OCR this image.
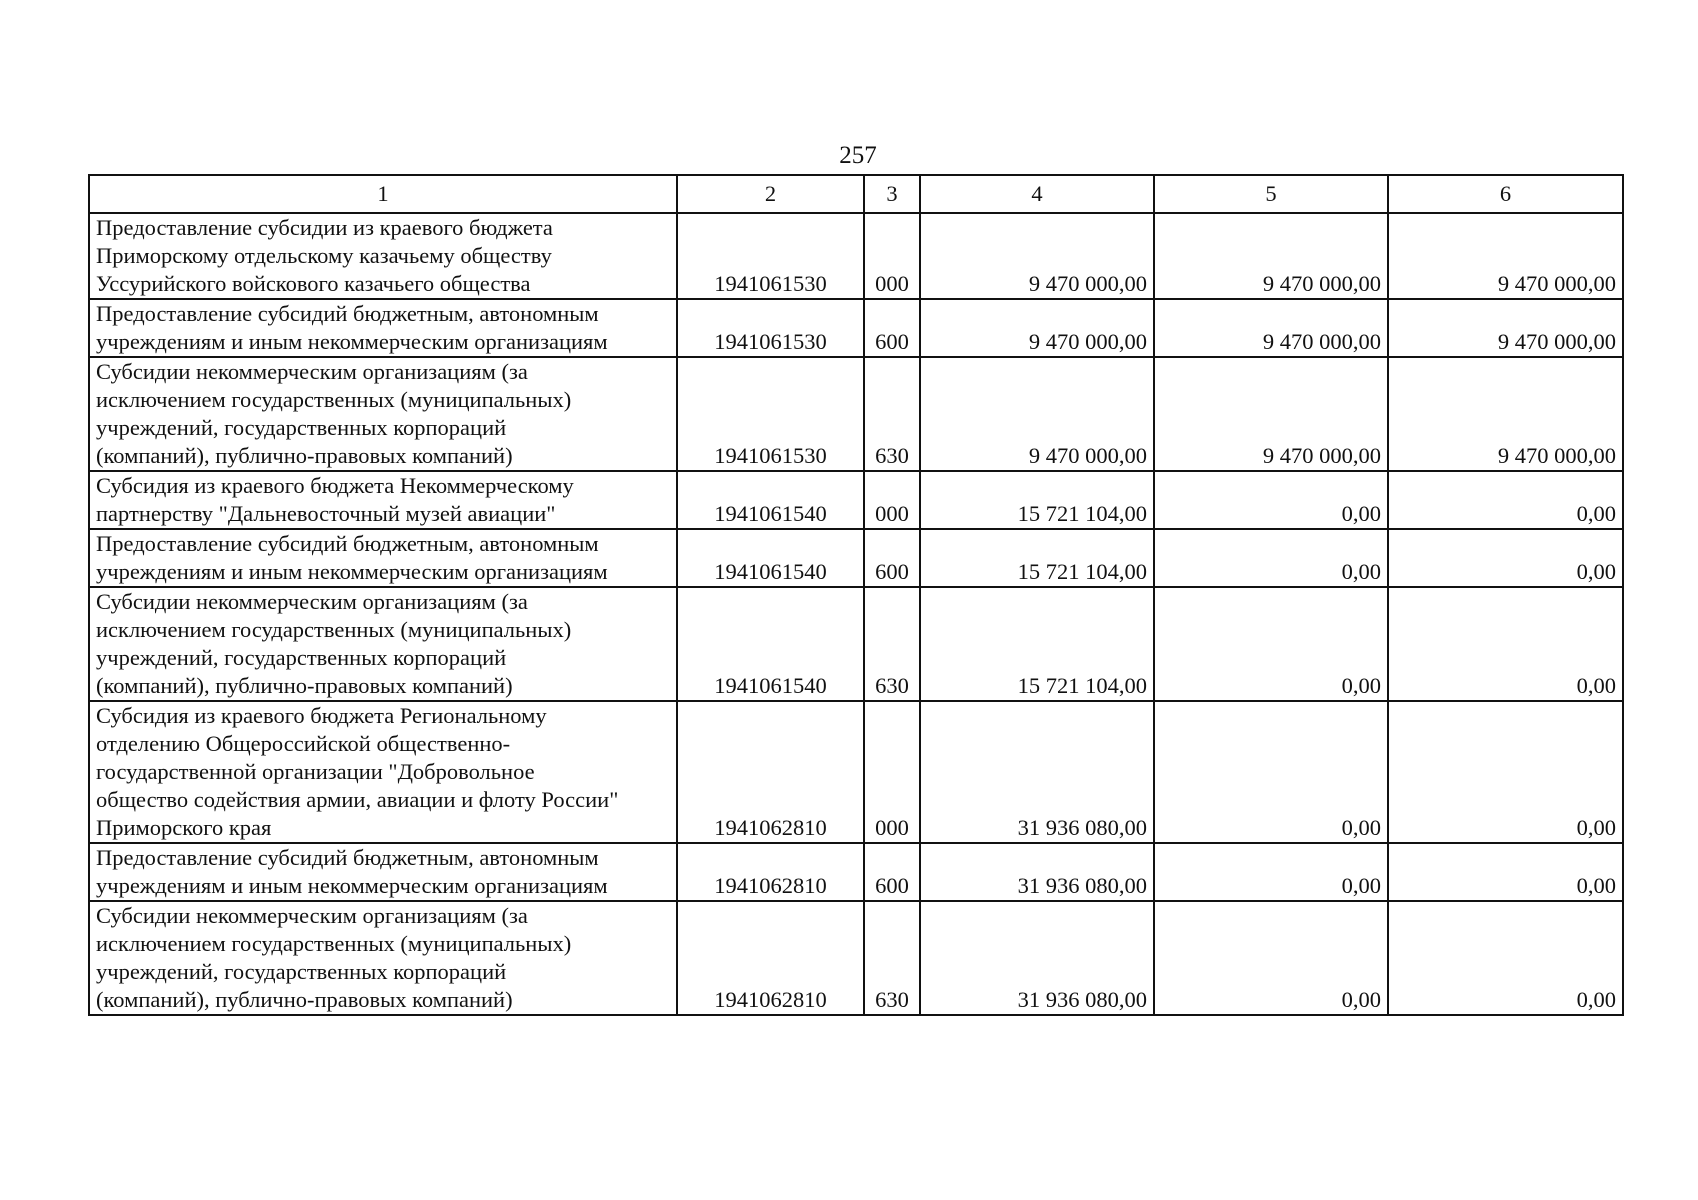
257
1	2	3	4	5	6

Предоставление субсидии из краевого бюджета
Приморскому отдельскому казачьему обществу
Уссурийского войскового казачьего общества	1941061530	000	9 470 000,00	9 470 000,00	9 470 000,00

Предоставление субсидий бюджетным, автономным
учреждениям и иным некоммерческим организациям	1941061530	600	9 470 000,00	9 470 000,00	9 470 000,00

Субсидии некоммерческим организациям (за
исключением государственных (муниципальных)
учреждений, государственных корпораций
(компаний), публично-правовых компаний)	1941061530	630	9 470 000,00	9 470 000,00	9 470 000,00

Субсидия из краевого бюджета Некоммерческому
партнерству "Дальневосточный музей авиации"	1941061540	000	15 721 104,00	0,00	0,00

Предоставление субсидий бюджетным, автономным
учреждениям и иным некоммерческим организациям	1941061540	600	15 721 104,00	0,00	0,00

Субсидии некоммерческим организациям (за
исключением государственных (муниципальных)
учреждений, государственных корпораций
(компаний), публично-правовых компаний)	1941061540	630	15 721 104,00	0,00	0,00

Субсидия из краевого бюджета Региональному
отделению Общероссийской общественно-
государственной организации "Добровольное
общество содействия армии, авиации и флоту России"
Приморского края	1941062810	000	31 936 080,00	0,00	0,00

Предоставление субсидий бюджетным, автономным
учреждениям и иным некоммерческим организациям	1941062810	600	31 936 080,00	0,00	0,00

Субсидии некоммерческим организациям (за
исключением государственных (муниципальных)
учреждений, государственных корпораций
(компаний), публично-правовых компаний)	1941062810	630	31 936 080,00	0,00	0,00
